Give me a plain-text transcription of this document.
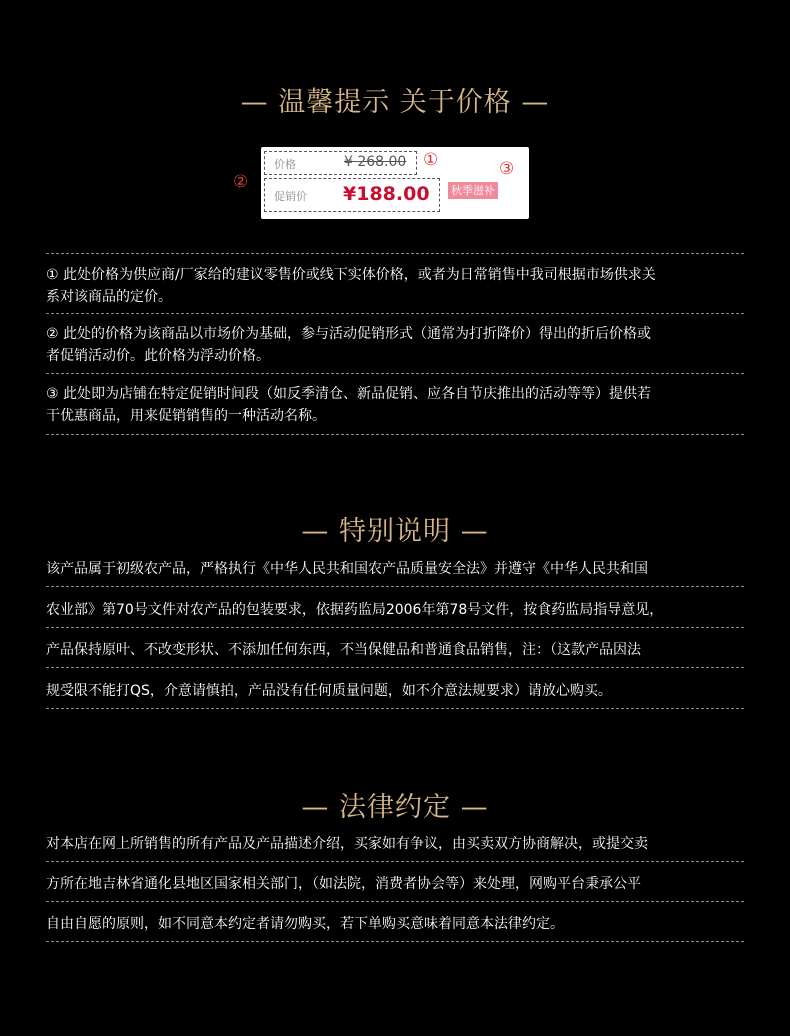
— 温馨提示 关于价格 —
②
价格	¥ 268.00 ①
促销价 ¥188.00
③
秋季滋补
① 此处价格为供应商/厂家给的建议零售价或线下实体价格，或者为日常销售中我司根据市场供求关
系对该商品的定价。
② 此处的价格为该商品以市场价为基础，参与活动促销形式（通常为打折降价）得出的折后价格或
者促销活动价。此价格为浮动价格。
③ 此处即为店铺在特定促销时间段（如反季清仓、新品促销、应各自节庆推出的活动等等）提供若
干优惠商品，用来促销销售的一种活动名称。
— 特别说明 —
该产品属于初级农产品，严格执行《中华人民共和国农产品质量安全法》并遵守《中华人民共和国
农业部》第70号文件对农产品的包装要求，依据药监局2006年第78号文件，按食药监局指导意见，
产品保持原叶、不改变形状、不添加任何东西，不当保健品和普通食品销售，注：（这款产品因法
规受限不能打QS，介意请慎拍，产品没有任何质量问题，如不介意法规要求）请放心购买。
— 法律约定 —
对本店在网上所销售的所有产品及产品描述介绍，买家如有争议，由买卖双方协商解决，或提交卖
方所在地吉林省通化县地区国家相关部门，（如法院，消费者协会等）来处理，网购平台秉承公平
自由自愿的原则，如不同意本约定者请勿购买，若下单购买意味着同意本法律约定。
